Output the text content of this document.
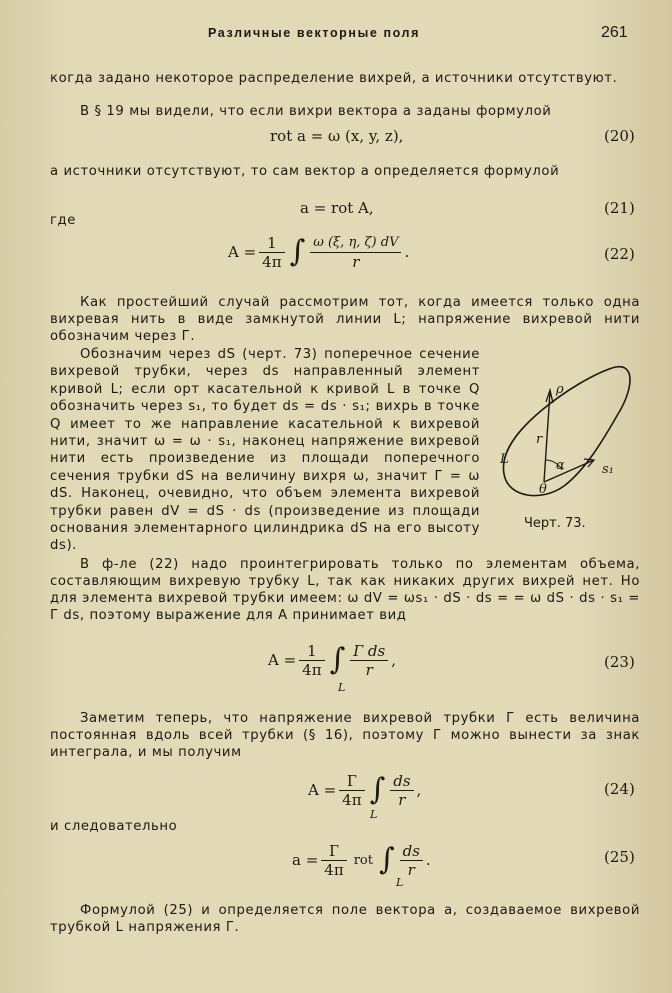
Различные векторные поля	261
когда задано некоторое распределение вихрей, а источники отсутствуют.
В § 19 мы видели, что если вихри вектора a заданы формулой
rot a = ω (x, y, z),	(20)
а источники отсутствуют, то сам вектор a определяется формулой
a = rot A,	(21)
где
$A = \frac{1}{4\pi}$ ∫ $\frac{\omega (\xi, \eta, \zeta) dV}{r}$ .	(22)
Как простейший случай рассмотрим тот, когда имеется только одна вихревая нить в виде замкнутой линии L; напряжение вихревой нити обозначим через Г.
Обозначим через dS (черт. 73) поперечное сечение вихревой трубки, через ds направленный элемент кривой L; если орт касательной к кривой L в точке Q обозначить через s₁, то будет ds = ds · s₁; вихрь в точке Q имеет то же направление касательной к вихревой нити, значит ω = ω · s₁, наконец напряжение вихревой нити есть произведение из площади поперечного сечения трубки dS на величину вихря ω, значит Г = ω dS. Наконец, очевидно, что объем элемента вихревой трубки равен dV = dS · ds (произведение из площади основания элементарного цилиндрика dS на его высоту ds).
ρ
r
L	α	s₁
θ
Черт. 73.
В ф-ле (22) надо проинтегрировать только по элементам объема, составляющим вихревую трубку L, так как никаких других вихрей нет. Но для элемента вихревой трубки имеем: ω dV = ωs₁ · dS · ds = = ω dS · ds · s₁ = Г ds, поэтому выражение для A принимает вид
$A = \frac{1}{4\pi}$ ∫ $\frac{\text{Г ds}}{r}$ ,
L
(23)
Заметим теперь, что напряжение вихревой трубки Г есть величина постоянная вдоль всей трубки (§ 16), поэтому Г можно вынести за знак интеграла, и мы получим
$A = \frac{Г}{4\pi}$ ∫ $\frac{ds}{r}$ ,
L
(24)
и следовательно
$a = \frac{Г}{4\pi}$ rot ∫ $\frac{ds}{r}$ .
L
(25)
Формулой (25) и определяется поле вектора a, создаваемое вихревой трубкой L напряжения Г.
